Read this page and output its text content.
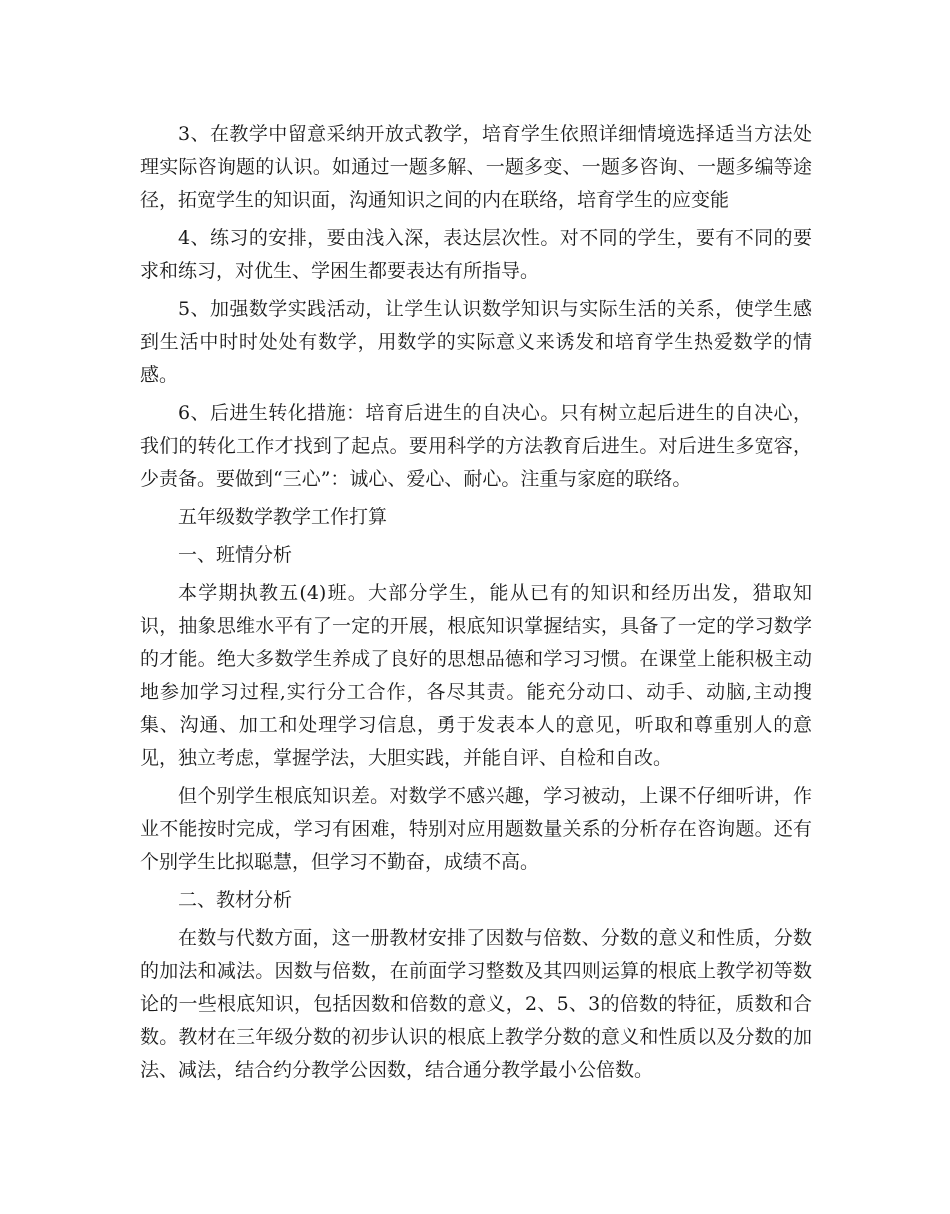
3、在教学中留意采纳开放式教学，培育学生依照详细情境选择适当方法处理实际咨询题的认识。如通过一题多解、一题多变、一题多咨询、一题多编等途径，拓宽学生的知识面，沟通知识之间的内在联络，培育学生的应变能

4、练习的安排，要由浅入深，表达层次性。对不同的学生，要有不同的要求和练习，对优生、学困生都要表达有所指导。

5、加强数学实践活动，让学生认识数学知识与实际生活的关系，使学生感到生活中时时处处有数学，用数学的实际意义来诱发和培育学生热爱数学的情感。

6、后进生转化措施：培育后进生的自决心。只有树立起后进生的自决心，我们的转化工作才找到了起点。要用科学的方法教育后进生。对后进生多宽容，少责备。要做到“三心”：诚心、爱心、耐心。注重与家庭的联络。

五年级数学教学工作打算

一、班情分析

本学期执教五(4)班。大部分学生，能从已有的知识和经历出发，猎取知识，抽象思维水平有了一定的开展，根底知识掌握结实，具备了一定的学习数学的才能。绝大多数学生养成了良好的思想品德和学习习惯。在课堂上能积极主动地参加学习过程,实行分工合作，各尽其责。能充分动口、动手、动脑,主动搜集、沟通、加工和处理学习信息，勇于发表本人的意见，听取和尊重别人的意见，独立考虑，掌握学法，大胆实践，并能自评、自检和自改。

但个别学生根底知识差。对数学不感兴趣，学习被动，上课不仔细听讲，作业不能按时完成，学习有困难，特别对应用题数量关系的分析存在咨询题。还有个别学生比拟聪慧，但学习不勤奋，成绩不高。

二、教材分析

在数与代数方面，这一册教材安排了因数与倍数、分数的意义和性质，分数的加法和减法。因数与倍数，在前面学习整数及其四则运算的根底上教学初等数论的一些根底知识，包括因数和倍数的意义，2、5、3的倍数的特征，质数和合数。教材在三年级分数的初步认识的根底上教学分数的意义和性质以及分数的加法、减法，结合约分教学公因数，结合通分教学最小公倍数。
